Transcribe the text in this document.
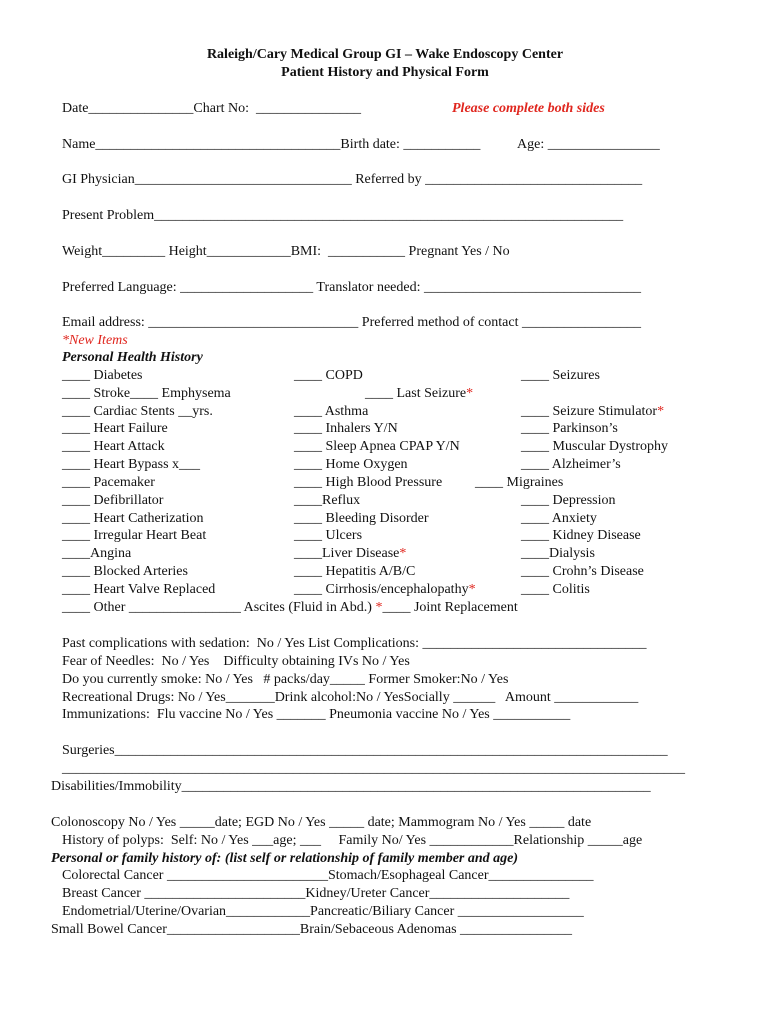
Raleigh/Cary Medical Group GI – Wake Endoscopy Center
Patient History and Physical Form
Date_______________Chart No:  _______________	Please complete both sides
Name___________________________________Birth date: ___________	Age: ________________
GI Physician_______________________________ Referred by _______________________________
Present Problem___________________________________________________________________
Weight_________ Height____________BMI:  ___________ Pregnant Yes / No
Preferred Language: ___________________ Translator needed: _______________________________
Email address: ______________________________ Preferred method of contact _________________
*New Items
Personal Health History
____ Diabetes
____ Stroke____ Emphysema
____ Cardiac Stents __yrs.
____ Heart Failure
____ Heart Attack
____ Heart Bypass x___
____ Pacemaker
____ Defibrillator
____ Heart Catherization
____ Irregular Heart Beat
____Angina
____ Blocked Arteries
____ Heart Valve Replaced
____ Other ________________ Ascites (Fluid in Abd.) *____ Joint Replacement
____ COPD
____ Last Seizure*
____ Asthma
____ Inhalers Y/N
____ Sleep Apnea CPAP Y/N
____ Home Oxygen
____ High Blood Pressure ____ Migraines
____Reflux
____ Bleeding Disorder
____ Ulcers
____Liver Disease*
____ Hepatitis A/B/C
____ Cirrhosis/encephalopathy*
____ Seizures
____ Seizure Stimulator*
____ Parkinson’s
____ Muscular Dystrophy
____ Alzheimer’s
____ Depression
____ Anxiety
____ Kidney Disease
____Dialysis
____ Crohn’s Disease
____ Colitis
Past complications with sedation:  No / Yes List Complications: ________________________________
Fear of Needles:  No / Yes    Difficulty obtaining IVs No / Yes
Do you currently smoke: No / Yes   # packs/day_____ Former Smoker:No / Yes
Recreational Drugs: No / Yes_______Drink alcohol:No / YesSocially ______   Amount ____________
Immunizations:  Flu vaccine No / Yes _______ Pneumonia vaccine No / Yes ___________
Surgeries_______________________________________________________________________________
_________________________________________________________________________________________
Disabilities/Immobility___________________________________________________________________
Colonoscopy No / Yes _____date; EGD No / Yes _____ date; Mammogram No / Yes _____ date
History of polyps:  Self: No / Yes ___age; ___     Family No/ Yes ____________Relationship _____age
Personal or family history of: (list self or relationship of family member and age)
Colorectal Cancer _______________________Stomach/Esophageal Cancer_______________
Breast Cancer _______________________Kidney/Ureter Cancer____________________
Endometrial/Uterine/Ovarian____________Pancreatic/Biliary Cancer __________________
Small Bowel Cancer___________________Brain/Sebaceous Adenomas ________________
